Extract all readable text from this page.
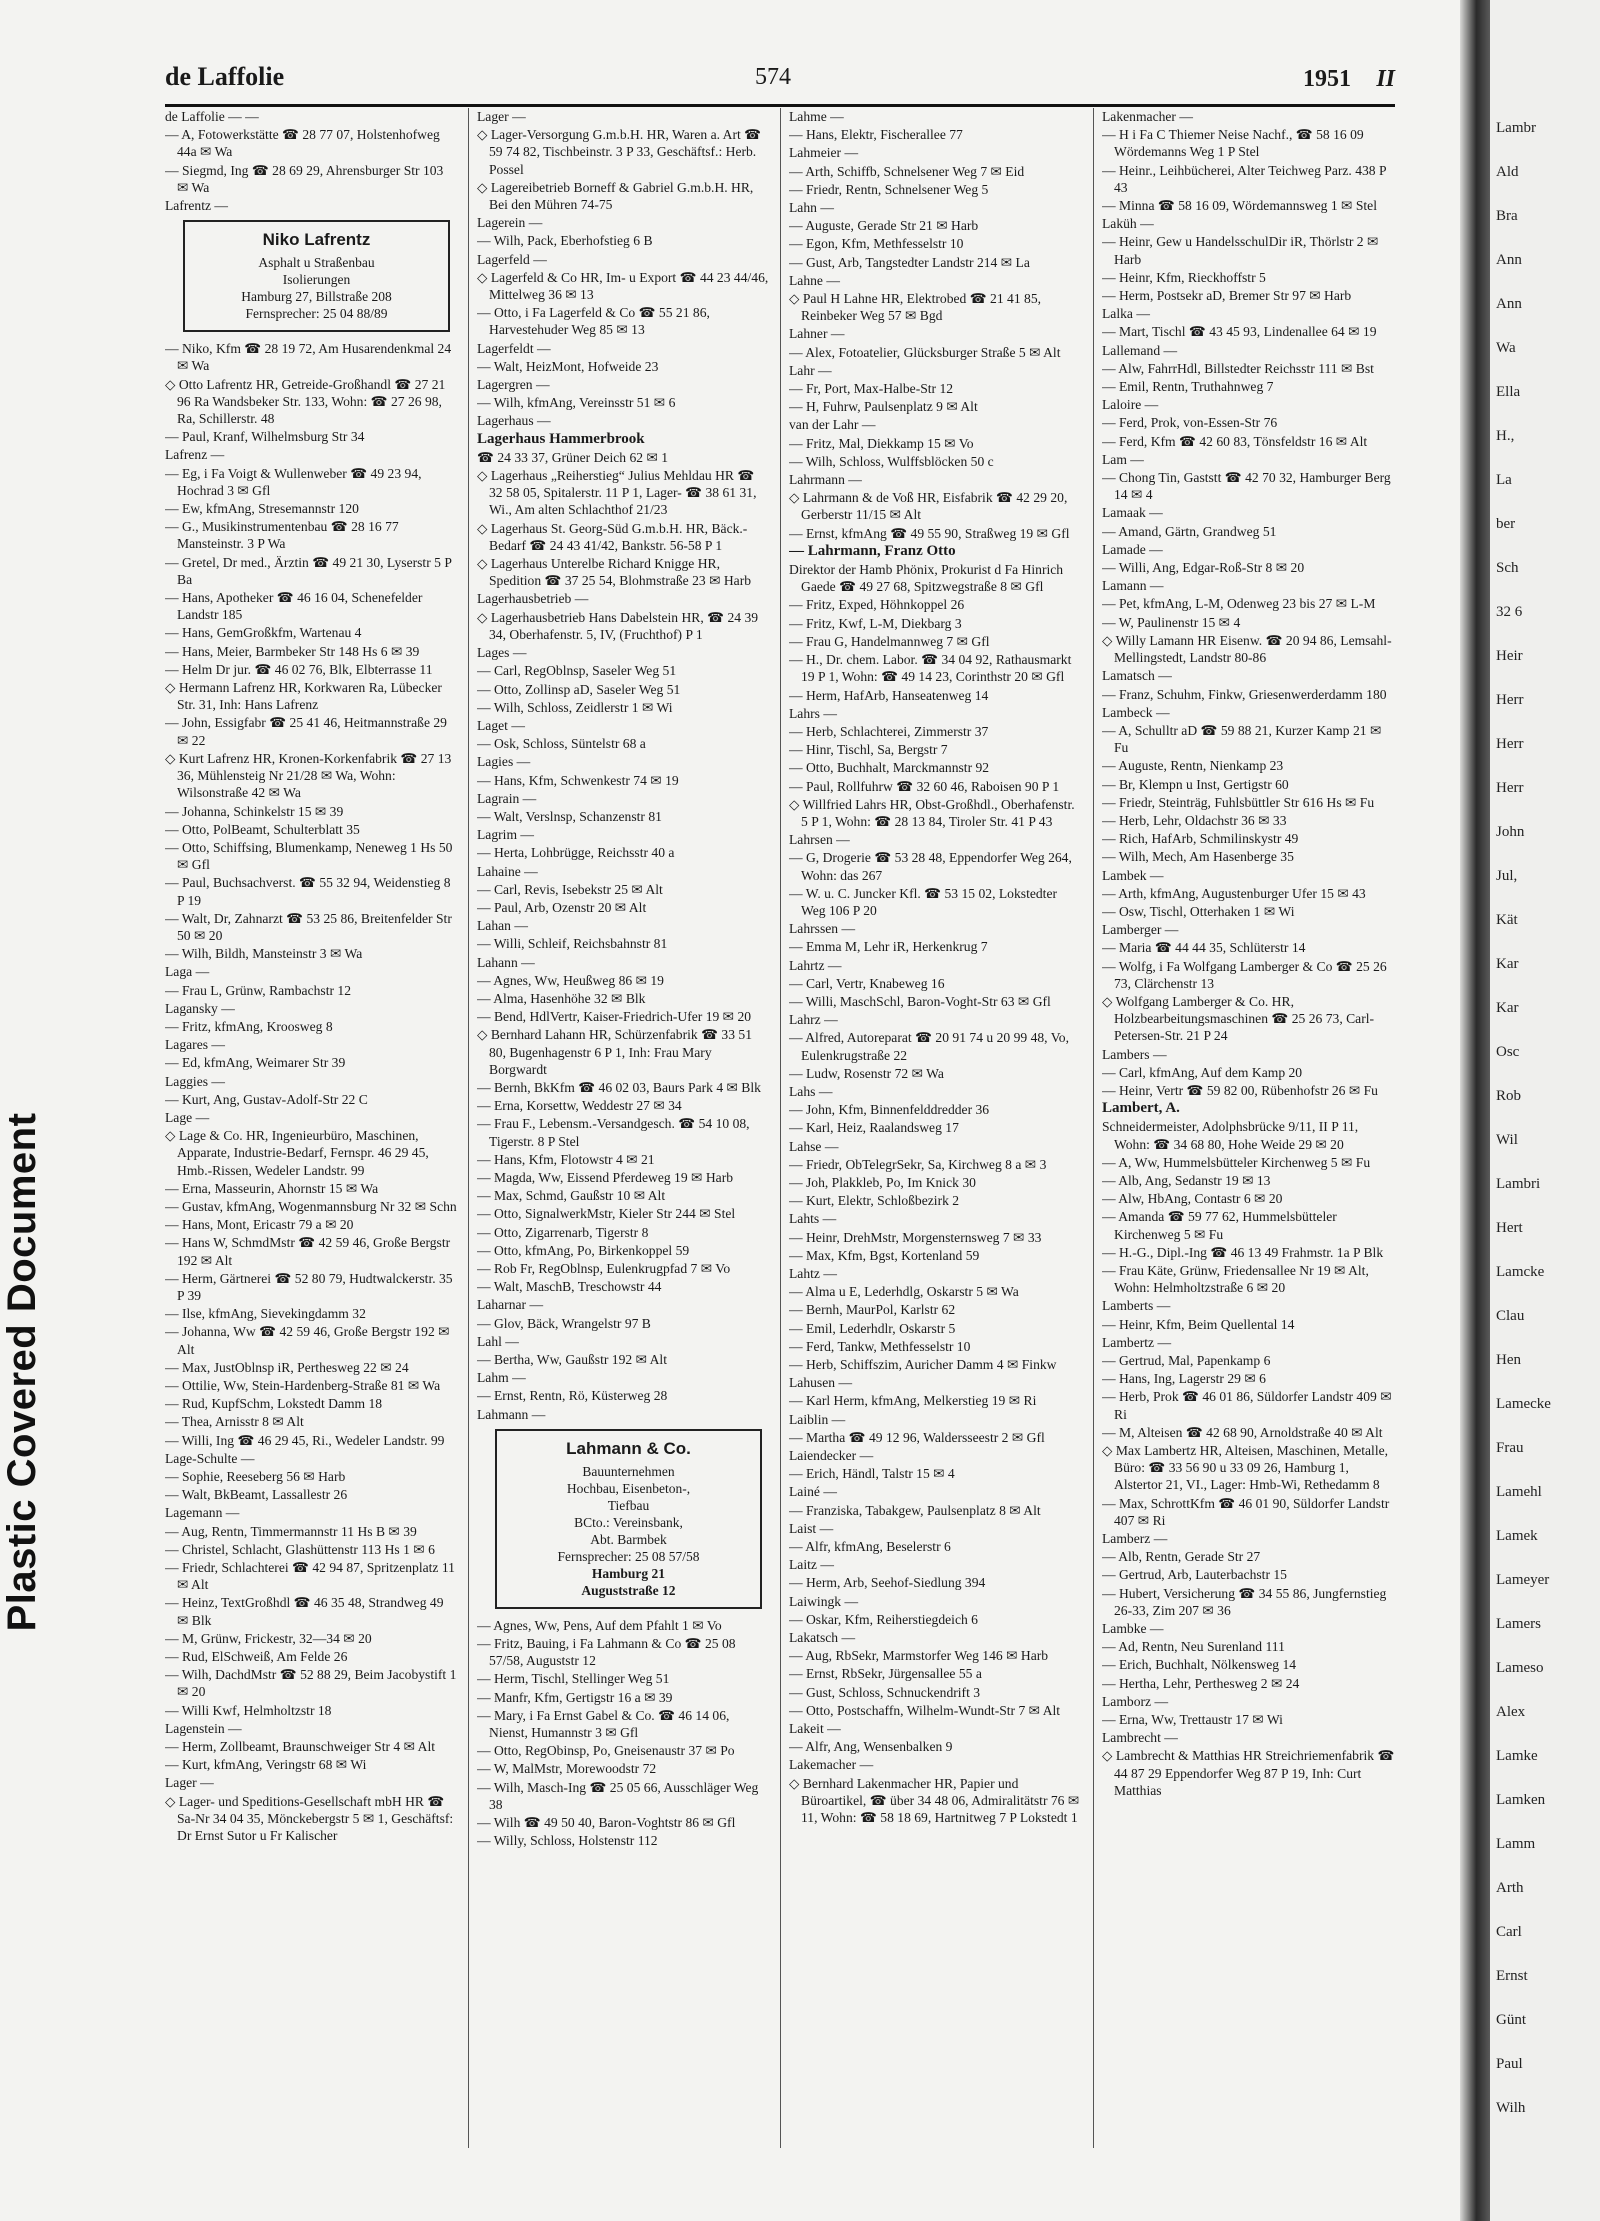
Plastic Covered Document
de Laffolie	574	1951 II
de Laffolie — —
— A, Fotowerkstätte ☎ 28 77 07, Holstenhofweg 44a ✉ Wa
— Siegmd, Ing ☎ 28 69 29, Ahrensburger Str 103 ✉ Wa
Lafrentz —
Niko Lafrentz
Asphalt u Straßenbau
Isolierungen
Hamburg 27, Billstraße 208
Fernsprecher: 25 04 88/89
— Niko, Kfm ☎ 28 19 72, Am Husarendenkmal 24 ✉ Wa
◇ Otto Lafrentz HR, Getreide-Großhandl ☎ 27 21 96 Ra Wandsbeker Str. 133, Wohn: ☎ 27 26 98, Ra, Schillerstr. 48
— Paul, Kranf, Wilhelmsburg Str 34
Lafrenz —
— Eg, i Fa Voigt & Wullenweber ☎ 49 23 94, Hochrad 3 ✉ Gfl
— Ew, kfmAng, Stresemannstr 120
— G., Musikinstrumentenbau ☎ 28 16 77 Mansteinstr. 3 P Wa
— Gretel, Dr med., Ärztin ☎ 49 21 30, Lyserstr 5 P Ba
— Hans, Apotheker ☎ 46 16 04, Schenefelder Landstr 185
— Hans, GemGroßkfm, Wartenau 4
— Hans, Meier, Barmbeker Str 148 Hs 6 ✉ 39
— Helm Dr jur. ☎ 46 02 76, Blk, Elbterrasse 11
◇ Hermann Lafrenz HR, Korkwaren Ra, Lübecker Str. 31, Inh: Hans Lafrenz
— John, Essigfabr ☎ 25 41 46, Heitmannstraße 29 ✉ 22
◇ Kurt Lafrenz HR, Kronen-Korkenfabrik ☎ 27 13 36, Mühlensteig Nr 21/28 ✉ Wa, Wohn: Wilsonstraße 42 ✉ Wa
— Johanna, Schinkelstr 15 ✉ 39
— Otto, PolBeamt, Schulterblatt 35
— Otto, Schiffsing, Blumenkamp, Neneweg 1 Hs 50 ✉ Gfl
— Paul, Buchsachverst. ☎ 55 32 94, Weidenstieg 8 P 19
— Walt, Dr, Zahnarzt ☎ 53 25 86, Breitenfelder Str 50 ✉ 20
— Wilh, Bildh, Mansteinstr 3 ✉ Wa
Laga —
— Frau L, Grünw, Rambachstr 12
Lagansky —
— Fritz, kfmAng, Kroosweg 8
Lagares —
— Ed, kfmAng, Weimarer Str 39
Laggies —
— Kurt, Ang, Gustav-Adolf-Str 22 C
Lage —
◇ Lage & Co. HR, Ingenieurbüro, Maschinen, Apparate, Industrie-Bedarf, Fernspr. 46 29 45, Hmb.-Rissen, Wedeler Landstr. 99
— Erna, Masseurin, Ahornstr 15 ✉ Wa
— Gustav, kfmAng, Wogenmannsburg Nr 32 ✉ Schn
— Hans, Mont, Ericastr 79 a ✉ 20
— Hans W, SchmdMstr ☎ 42 59 46, Große Bergstr 192 ✉ Alt
— Herm, Gärtnerei ☎ 52 80 79, Hudtwalckerstr. 35 P 39
— Ilse, kfmAng, Sievekingdamm 32
— Johanna, Ww ☎ 42 59 46, Große Bergstr 192 ✉ Alt
— Max, JustOblnsp iR, Perthesweg 22 ✉ 24
— Ottilie, Ww, Stein-Hardenberg-Straße 81 ✉ Wa
— Rud, KupfSchm, Lokstedt Damm 18
— Thea, Arnisstr 8 ✉ Alt
— Willi, Ing ☎ 46 29 45, Ri., Wedeler Landstr. 99
Lage-Schulte —
— Sophie, Reeseberg 56 ✉ Harb
— Walt, BkBeamt, Lassallestr 26
Lagemann —
— Aug, Rentn, Timmermannstr 11 Hs B ✉ 39
— Christel, Schlacht, Glashüttenstr 113 Hs 1 ✉ 6
— Friedr, Schlachterei ☎ 42 94 87, Spritzenplatz 11 ✉ Alt
— Heinz, TextGroßhdl ☎ 46 35 48, Strandweg 49 ✉ Blk
— M, Grünw, Frickestr, 32—34 ✉ 20
— Rud, ElSchweiß, Am Felde 26
— Wilh, DachdMstr ☎ 52 88 29, Beim Jacobystift 1 ✉ 20
— Willi Kwf, Helmholtzstr 18
Lagenstein —
— Herm, Zollbeamt, Braunschweiger Str 4 ✉ Alt
— Kurt, kfmAng, Veringstr 68 ✉ Wi
Lager —
◇ Lager- und Speditions-Gesellschaft mbH HR ☎ Sa-Nr 34 04 35, Mönckebergstr 5 ✉ 1, Geschäftsf: Dr Ernst Sutor u Fr Kalischer
Lager —
◇ Lager-Versorgung G.m.b.H. HR, Waren a. Art ☎ 59 74 82, Tischbeinstr. 3 P 33, Geschäftsf.: Herb. Possel
◇ Lagereibetrieb Borneff & Gabriel G.m.b.H. HR, Bei den Mühren 74-75
Lagerein —
— Wilh, Pack, Eberhofstieg 6 B
Lagerfeld —
◇ Lagerfeld & Co HR, Im- u Export ☎ 44 23 44/46, Mittelweg 36 ✉ 13
— Otto, i Fa Lagerfeld & Co ☎ 55 21 86, Harvestehuder Weg 85 ✉ 13
Lagerfeldt —
— Walt, HeizMont, Hofweide 23
Lagergren —
— Wilh, kfmAng, Vereinsstr 51 ✉ 6
Lagerhaus —
Lagerhaus Hammerbrook
☎ 24 33 37, Grüner Deich 62 ✉ 1
◇ Lagerhaus „Reiherstieg“ Julius Mehldau HR ☎ 32 58 05, Spitalerstr. 11 P 1, Lager- ☎ 38 61 31, Wi., Am alten Schlachthof 21/23
◇ Lagerhaus St. Georg-Süd G.m.b.H. HR, Bäck.-Bedarf ☎ 24 43 41/42, Bankstr. 56-58 P 1
◇ Lagerhaus Unterelbe Richard Knigge HR, Spedition ☎ 37 25 54, Blohmstraße 23 ✉ Harb
Lagerhausbetrieb —
◇ Lagerhausbetrieb Hans Dabelstein HR, ☎ 24 39 34, Oberhafenstr. 5, IV, (Fruchthof) P 1
Lages —
— Carl, RegOblnsp, Saseler Weg 51
— Otto, Zollinsp aD, Saseler Weg 51
— Wilh, Schloss, Zeidlerstr 1 ✉ Wi
Laget —
— Osk, Schloss, Süntelstr 68 a
Lagies —
— Hans, Kfm, Schwenkestr 74 ✉ 19
Lagrain —
— Walt, Verslnsp, Schanzenstr 81
Lagrim —
— Herta, Lohbrügge, Reichsstr 40 a
Lahaine —
— Carl, Revis, Isebekstr 25 ✉ Alt
— Paul, Arb, Ozenstr 20 ✉ Alt
Lahan —
— Willi, Schleif, Reichsbahnstr 81
Lahann —
— Agnes, Ww, Heußweg 86 ✉ 19
— Alma, Hasenhöhe 32 ✉ Blk
— Bend, HdlVertr, Kaiser-Friedrich-Ufer 19 ✉ 20
◇ Bernhard Lahann HR, Schürzenfabrik ☎ 33 51 80, Bugenhagenstr 6 P 1, Inh: Frau Mary Borgwardt
— Bernh, BkKfm ☎ 46 02 03, Baurs Park 4 ✉ Blk
— Erna, Korsettw, Weddestr 27 ✉ 34
— Frau F., Lebensm.-Versandgesch. ☎ 54 10 08, Tigerstr. 8 P Stel
— Hans, Kfm, Flotowstr 4 ✉ 21
— Magda, Ww, Eissend Pferdeweg 19 ✉ Harb
— Max, Schmd, Gaußstr 10 ✉ Alt
— Otto, SignalwerkMstr, Kieler Str 244 ✉ Stel
— Otto, Zigarrenarb, Tigerstr 8
— Otto, kfmAng, Po, Birkenkoppel 59
— Rob Fr, RegOblnsp, Eulenkrugpfad 7 ✉ Vo
— Walt, MaschB, Treschowstr 44
Laharnar —
— Glov, Bäck, Wrangelstr 97 B
Lahl —
— Bertha, Ww, Gaußstr 192 ✉ Alt
Lahm —
— Ernst, Rentn, Rö, Küsterweg 28
Lahmann —
Lahmann & Co.
Bauunternehmen
Hochbau, Eisenbeton-,
Tiefbau
BCto.: Vereinsbank,
Abt. Barmbek
Fernsprecher: 25 08 57/58
Hamburg 21
Auguststraße 12
— Agnes, Ww, Pens, Auf dem Pfahlt 1 ✉ Vo
— Fritz, Bauing, i Fa Lahmann & Co ☎ 25 08 57/58, Auguststr 12
— Herm, Tischl, Stellinger Weg 51
— Manfr, Kfm, Gertigstr 16 a ✉ 39
— Mary, i Fa Ernst Gabel & Co. ☎ 46 14 06, Nienst, Humannstr 3 ✉ Gfl
— Otto, RegObinsp, Po, Gneisenaustr 37 ✉ Po
— W, MalMstr, Morewoodstr 72
— Wilh, Masch-Ing ☎ 25 05 66, Ausschläger Weg 38
— Wilh ☎ 49 50 40, Baron-Voghtstr 86 ✉ Gfl
— Willy, Schloss, Holstenstr 112
Lahme —
— Hans, Elektr, Fischerallee 77
Lahmeier —
— Arth, Schiffb, Schnelsener Weg 7 ✉ Eid
— Friedr, Rentn, Schnelsener Weg 5
Lahn —
— Auguste, Gerade Str 21 ✉ Harb
— Egon, Kfm, Methfesselstr 10
— Gust, Arb, Tangstedter Landstr 214 ✉ La
Lahne —
◇ Paul H Lahne HR, Elektrobed ☎ 21 41 85, Reinbeker Weg 57 ✉ Bgd
Lahner —
— Alex, Fotoatelier, Glücksburger Straße 5 ✉ Alt
Lahr —
— Fr, Port, Max-Halbe-Str 12
— H, Fuhrw, Paulsenplatz 9 ✉ Alt
van der Lahr —
— Fritz, Mal, Diekkamp 15 ✉ Vo
— Wilh, Schloss, Wulffsblöcken 50 c
Lahrmann —
◇ Lahrmann & de Voß HR, Eisfabrik ☎ 42 29 20, Gerberstr 11/15 ✉ Alt
— Ernst, kfmAng ☎ 49 55 90, Straßweg 19 ✉ Gfl
— Lahrmann, Franz Otto
Direktor der Hamb Phönix, Prokurist d Fa Hinrich Gaede ☎ 49 27 68, Spitzwegstraße 8 ✉ Gfl
— Fritz, Exped, Höhnkoppel 26
— Fritz, Kwf, L-M, Diekbarg 3
— Frau G, Handelmannweg 7 ✉ Gfl
— H., Dr. chem. Labor. ☎ 34 04 92, Rathausmarkt 19 P 1, Wohn: ☎ 49 14 23, Corinthstr 20 ✉ Gfl
— Herm, HafArb, Hanseatenweg 14
Lahrs —
— Herb, Schlachterei, Zimmerstr 37
— Hinr, Tischl, Sa, Bergstr 7
— Otto, Buchhalt, Marckmannstr 92
— Paul, Rollfuhrw ☎ 32 60 46, Raboisen 90 P 1
◇ Willfried Lahrs HR, Obst-Großhdl., Oberhafenstr. 5 P 1, Wohn: ☎ 28 13 84, Tiroler Str. 41 P 43
Lahrsen —
— G, Drogerie ☎ 53 28 48, Eppendorfer Weg 264, Wohn: das 267
— W. u. C. Juncker Kfl. ☎ 53 15 02, Lokstedter Weg 106 P 20
Lahrssen —
— Emma M, Lehr iR, Herkenkrug 7
Lahrtz —
— Carl, Vertr, Knabeweg 16
— Willi, MaschSchl, Baron-Voght-Str 63 ✉ Gfl
Lahrz —
— Alfred, Autoreparat ☎ 20 91 74 u 20 99 48, Vo, Eulenkrugstraße 22
— Ludw, Rosenstr 72 ✉ Wa
Lahs —
— John, Kfm, Binnenfelddredder 36
— Karl, Heiz, Raalandsweg 17
Lahse —
— Friedr, ObTelegrSekr, Sa, Kirchweg 8 a ✉ 3
— Joh, Plakkleb, Po, Im Knick 30
— Kurt, Elektr, Schloßbezirk 2
Lahts —
— Heinr, DrehMstr, Morgensternsweg 7 ✉ 33
— Max, Kfm, Bgst, Kortenland 59
Lahtz —
— Alma u E, Lederhdlg, Oskarstr 5 ✉ Wa
— Bernh, MaurPol, Karlstr 62
— Emil, Lederhdlr, Oskarstr 5
— Ferd, Tankw, Methfesselstr 10
— Herb, Schiffszim, Auricher Damm 4 ✉ Finkw
Lahusen —
— Karl Herm, kfmAng, Melkerstieg 19 ✉ Ri
Laiblin —
— Martha ☎ 49 12 96, Waldersseestr 2 ✉ Gfl
Laiendecker —
— Erich, Händl, Talstr 15 ✉ 4
Lainé —
— Franziska, Tabakgew, Paulsenplatz 8 ✉ Alt
Laist —
— Alfr, kfmAng, Beselerstr 6
Laitz —
— Herm, Arb, Seehof-Siedlung 394
Laiwingk —
— Oskar, Kfm, Reiherstiegdeich 6
Lakatsch —
— Aug, RbSekr, Marmstorfer Weg 146 ✉ Harb
— Ernst, RbSekr, Jürgensallee 55 a
— Gust, Schloss, Schnuckendrift 3
— Otto, Postschaffn, Wilhelm-Wundt-Str 7 ✉ Alt
Lakeit —
— Alfr, Ang, Wensenbalken 9
Lakemacher —
◇ Bernhard Lakenmacher HR, Papier und Büroartikel, ☎ über 34 48 06, Admiralitätstr 76 ✉ 11, Wohn: ☎ 58 18 69, Hartnitweg 7 P Lokstedt 1
Lakenmacher —
— H i Fa C Thiemer Neise Nachf., ☎ 58 16 09 Wördemanns Weg 1 P Stel
— Heinr., Leihbücherei, Alter Teichweg Parz. 438 P 43
— Minna ☎ 58 16 09, Wördemannsweg 1 ✉ Stel
Laküh —
— Heinr, Gew u HandelsschulDir iR, Thörlstr 2 ✉ Harb
— Heinr, Kfm, Rieckhoffstr 5
— Herm, Postsekr aD, Bremer Str 97 ✉ Harb
Lalka —
— Mart, Tischl ☎ 43 45 93, Lindenallee 64 ✉ 19
Lallemand —
— Alw, FahrrHdl, Billstedter Reichsstr 111 ✉ Bst
— Emil, Rentn, Truthahnweg 7
Laloire —
— Ferd, Prok, von-Essen-Str 76
— Ferd, Kfm ☎ 42 60 83, Tönsfeldstr 16 ✉ Alt
Lam —
— Chong Tin, Gaststt ☎ 42 70 32, Hamburger Berg 14 ✉ 4
Lamaak —
— Amand, Gärtn, Grandweg 51
Lamade —
— Willi, Ang, Edgar-Roß-Str 8 ✉ 20
Lamann —
— Pet, kfmAng, L-M, Odenweg 23 bis 27 ✉ L-M
— W, Paulinenstr 15 ✉ 4
◇ Willy Lamann HR Eisenw. ☎ 20 94 86, Lemsahl-Mellingstedt, Landstr 80-86
Lamatsch —
— Franz, Schuhm, Finkw, Griesenwerderdamm 180
Lambeck —
— A, Schulltr aD ☎ 59 88 21, Kurzer Kamp 21 ✉ Fu
— Auguste, Rentn, Nienkamp 23
— Br, Klempn u Inst, Gertigstr 60
— Friedr, Steinträg, Fuhlsbüttler Str 616 Hs ✉ Fu
— Herb, Lehr, Oldachstr 36 ✉ 33
— Rich, HafArb, Schmilinskystr 49
— Wilh, Mech, Am Hasenberge 35
Lambek —
— Arth, kfmAng, Augustenburger Ufer 15 ✉ 43
— Osw, Tischl, Otterhaken 1 ✉ Wi
Lamberger —
— Maria ☎ 44 44 35, Schlüterstr 14
— Wolfg, i Fa Wolfgang Lamberger & Co ☎ 25 26 73, Clärchenstr 13
◇ Wolfgang Lamberger & Co. HR, Holzbearbeitungsmaschinen ☎ 25 26 73, Carl-Petersen-Str. 21 P 24
Lambers —
— Carl, kfmAng, Auf dem Kamp 20
— Heinr, Vertr ☎ 59 82 00, Rübenhofstr 26 ✉ Fu
Lambert, A.
Schneidermeister, Adolphsbrücke 9/11, II P 11, Wohn: ☎ 34 68 80, Hohe Weide 29 ✉ 20
— A, Ww, Hummelsbütteler Kirchenweg 5 ✉ Fu
— Alb, Ang, Sedanstr 19 ✉ 13
— Alw, HbAng, Contastr 6 ✉ 20
— Amanda ☎ 59 77 62, Hummelsbütteler Kirchenweg 5 ✉ Fu
— H.-G., Dipl.-Ing ☎ 46 13 49 Frahmstr. 1a P Blk
— Frau Käte, Grünw, Friedensallee Nr 19 ✉ Alt, Wohn: Helmholtzstraße 6 ✉ 20
Lamberts —
— Heinr, Kfm, Beim Quellental 14
Lambertz —
— Gertrud, Mal, Papenkamp 6
— Hans, Ing, Lagerstr 29 ✉ 6
— Herb, Prok ☎ 46 01 86, Süldorfer Landstr 409 ✉ Ri
— M, Alteisen ☎ 42 68 90, Arnoldstraße 40 ✉ Alt
◇ Max Lambertz HR, Alteisen, Maschinen, Metalle, Büro: ☎ 33 56 90 u 33 09 26, Hamburg 1, Alstertor 21, VI., Lager: Hmb-Wi, Rethedamm 8
— Max, SchrottKfm ☎ 46 01 90, Süldorfer Landstr 407 ✉ Ri
Lamberz —
— Alb, Rentn, Gerade Str 27
— Gertrud, Arb, Lauterbachstr 15
— Hubert, Versicherung ☎ 34 55 86, Jungfernstieg 26-33, Zim 207 ✉ 36
Lambke —
— Ad, Rentn, Neu Surenland 111
— Erich, Buchhalt, Nölkensweg 14
— Hertha, Lehr, Perthesweg 2 ✉ 24
Lamborz —
— Erna, Ww, Trettaustr 17 ✉ Wi
Lambrecht —
◇ Lambrecht & Matthias HR Streichriemenfabrik ☎ 44 87 29 Eppendorfer Weg 87 P 19, Inh: Curt Matthias
Lambr
Ald
Bra
Ann
Ann
Wa
Ella
H.,
La
ber
Sch
32 6
Heir
Herr
Herr
Herr
John
Jul,
Kät
Kar
Kar
Osc
Rob
Wil
Lambri
Hert
Lamcke
Clau
Hen
Lamecke
Frau
Lamehl
Lamek
Lameyer
Lamers
Lameso
Alex
Lamke
Lamken
Lamm
Arth
Carl
Ernst
Günt
Paul
Wilh
